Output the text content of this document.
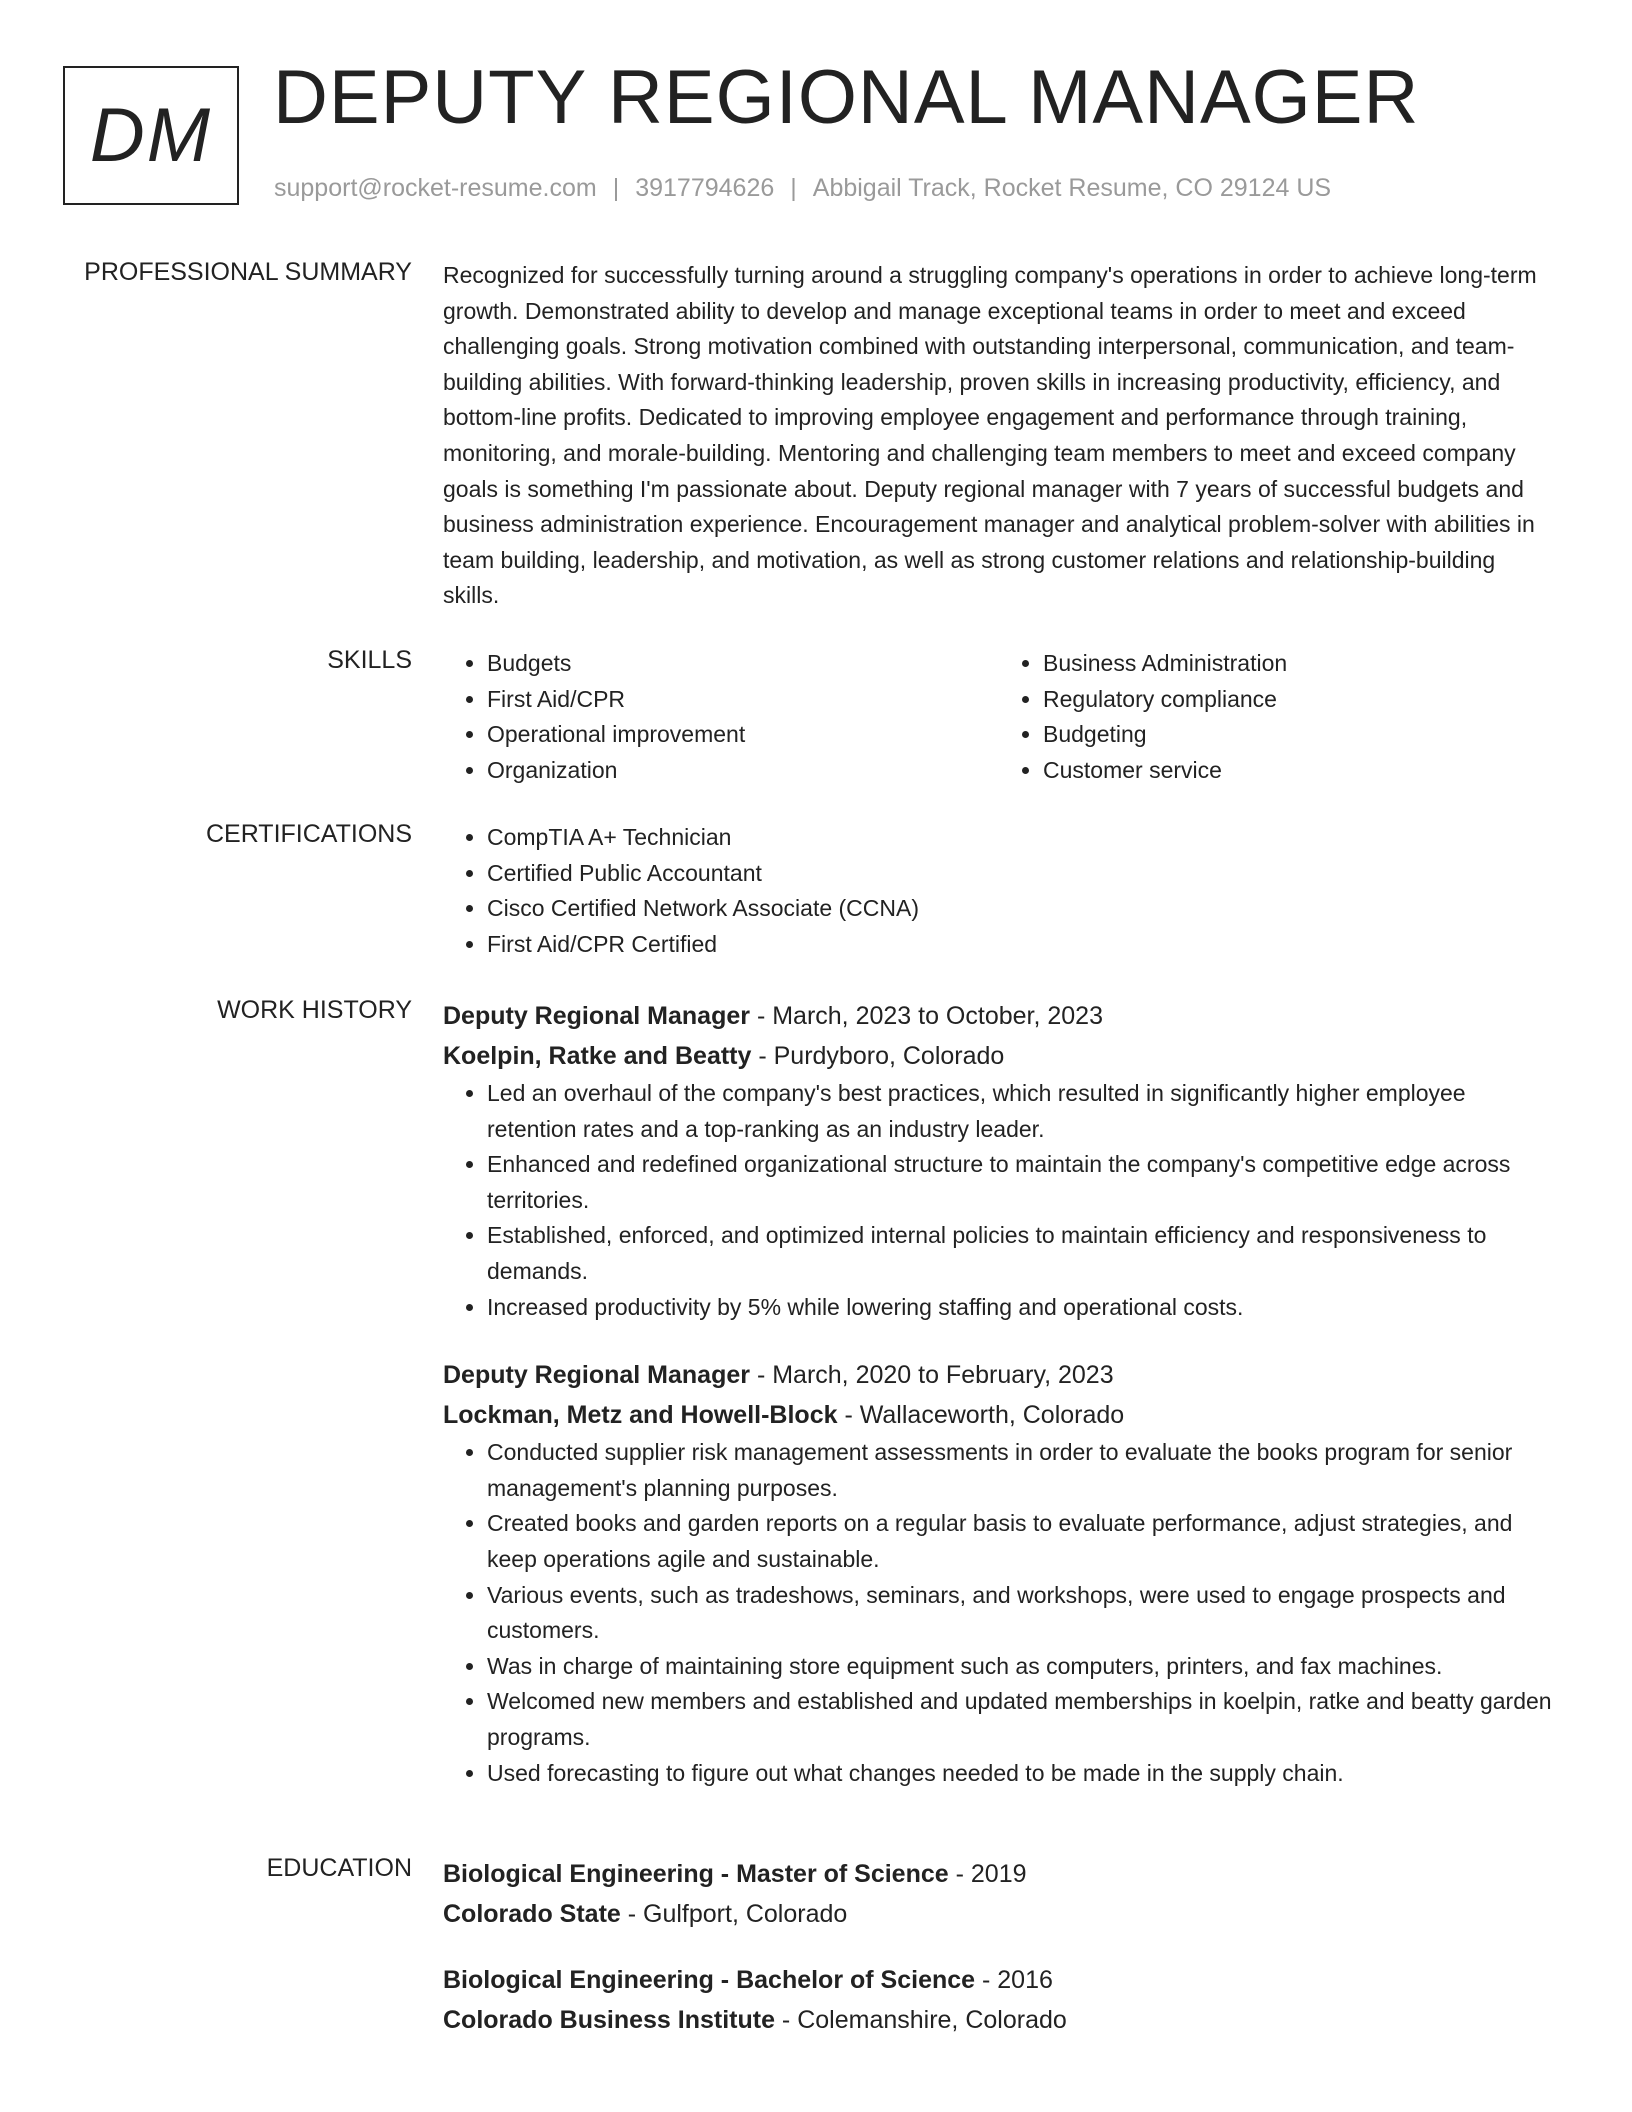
DM DEPUTY REGIONAL MANAGER
support@rocket-resume.com | 3917794626 | Abbigail Track, Rocket Resume, CO 29124 US
PROFESSIONAL SUMMARY Recognized for successfully turning around a struggling company's operations in order to achieve long-term growth. Demonstrated ability to develop and manage exceptional teams in order to meet and exceed challenging goals. Strong motivation combined with outstanding interpersonal, communication, and team-building abilities. With forward-thinking leadership, proven skills in increasing productivity, efficiency, and bottom-line profits. Dedicated to improving employee engagement and performance through training, monitoring, and morale-building. Mentoring and challenging team members to meet and exceed company goals is something I'm passionate about. Deputy regional manager with 7 years of successful budgets and business administration experience. Encouragement manager and analytical problem-solver with abilities in team building, leadership, and motivation, as well as strong customer relations and relationship-building skills.
SKILLS	• Budgets
• First Aid/CPR
• Operational improvement
• Organization
• Business Administration
• Regulatory compliance
• Budgeting
• Customer service
CERTIFICATIONS	• CompTIA A+ Technician
• Certified Public Accountant
• Cisco Certified Network Associate (CCNA)
• First Aid/CPR Certified
WORK HISTORY Deputy Regional Manager - March, 2023 to October, 2023
Koelpin, Ratke and Beatty - Purdyboro, Colorado
• Led an overhaul of the company's best practices, which resulted in significantly higher employee retention rates and a top-ranking as an industry leader.
• Enhanced and redefined organizational structure to maintain the company's competitive edge across territories.
• Established, enforced, and optimized internal policies to maintain efficiency and responsiveness to demands.
• Increased productivity by 5% while lowering staffing and operational costs.
Deputy Regional Manager - March, 2020 to February, 2023
Lockman, Metz and Howell-Block - Wallaceworth, Colorado
• Conducted supplier risk management assessments in order to evaluate the books program for senior management's planning purposes.
• Created books and garden reports on a regular basis to evaluate performance, adjust strategies, and keep operations agile and sustainable.
• Various events, such as tradeshows, seminars, and workshops, were used to engage prospects and customers.
• Was in charge of maintaining store equipment such as computers, printers, and fax machines.
• Welcomed new members and established and updated memberships in koelpin, ratke and beatty garden programs.
• Used forecasting to figure out what changes needed to be made in the supply chain.
EDUCATION Biological Engineering - Master of Science - 2019
Colorado State - Gulfport, Colorado
Biological Engineering - Bachelor of Science - 2016
Colorado Business Institute - Colemanshire, Colorado
